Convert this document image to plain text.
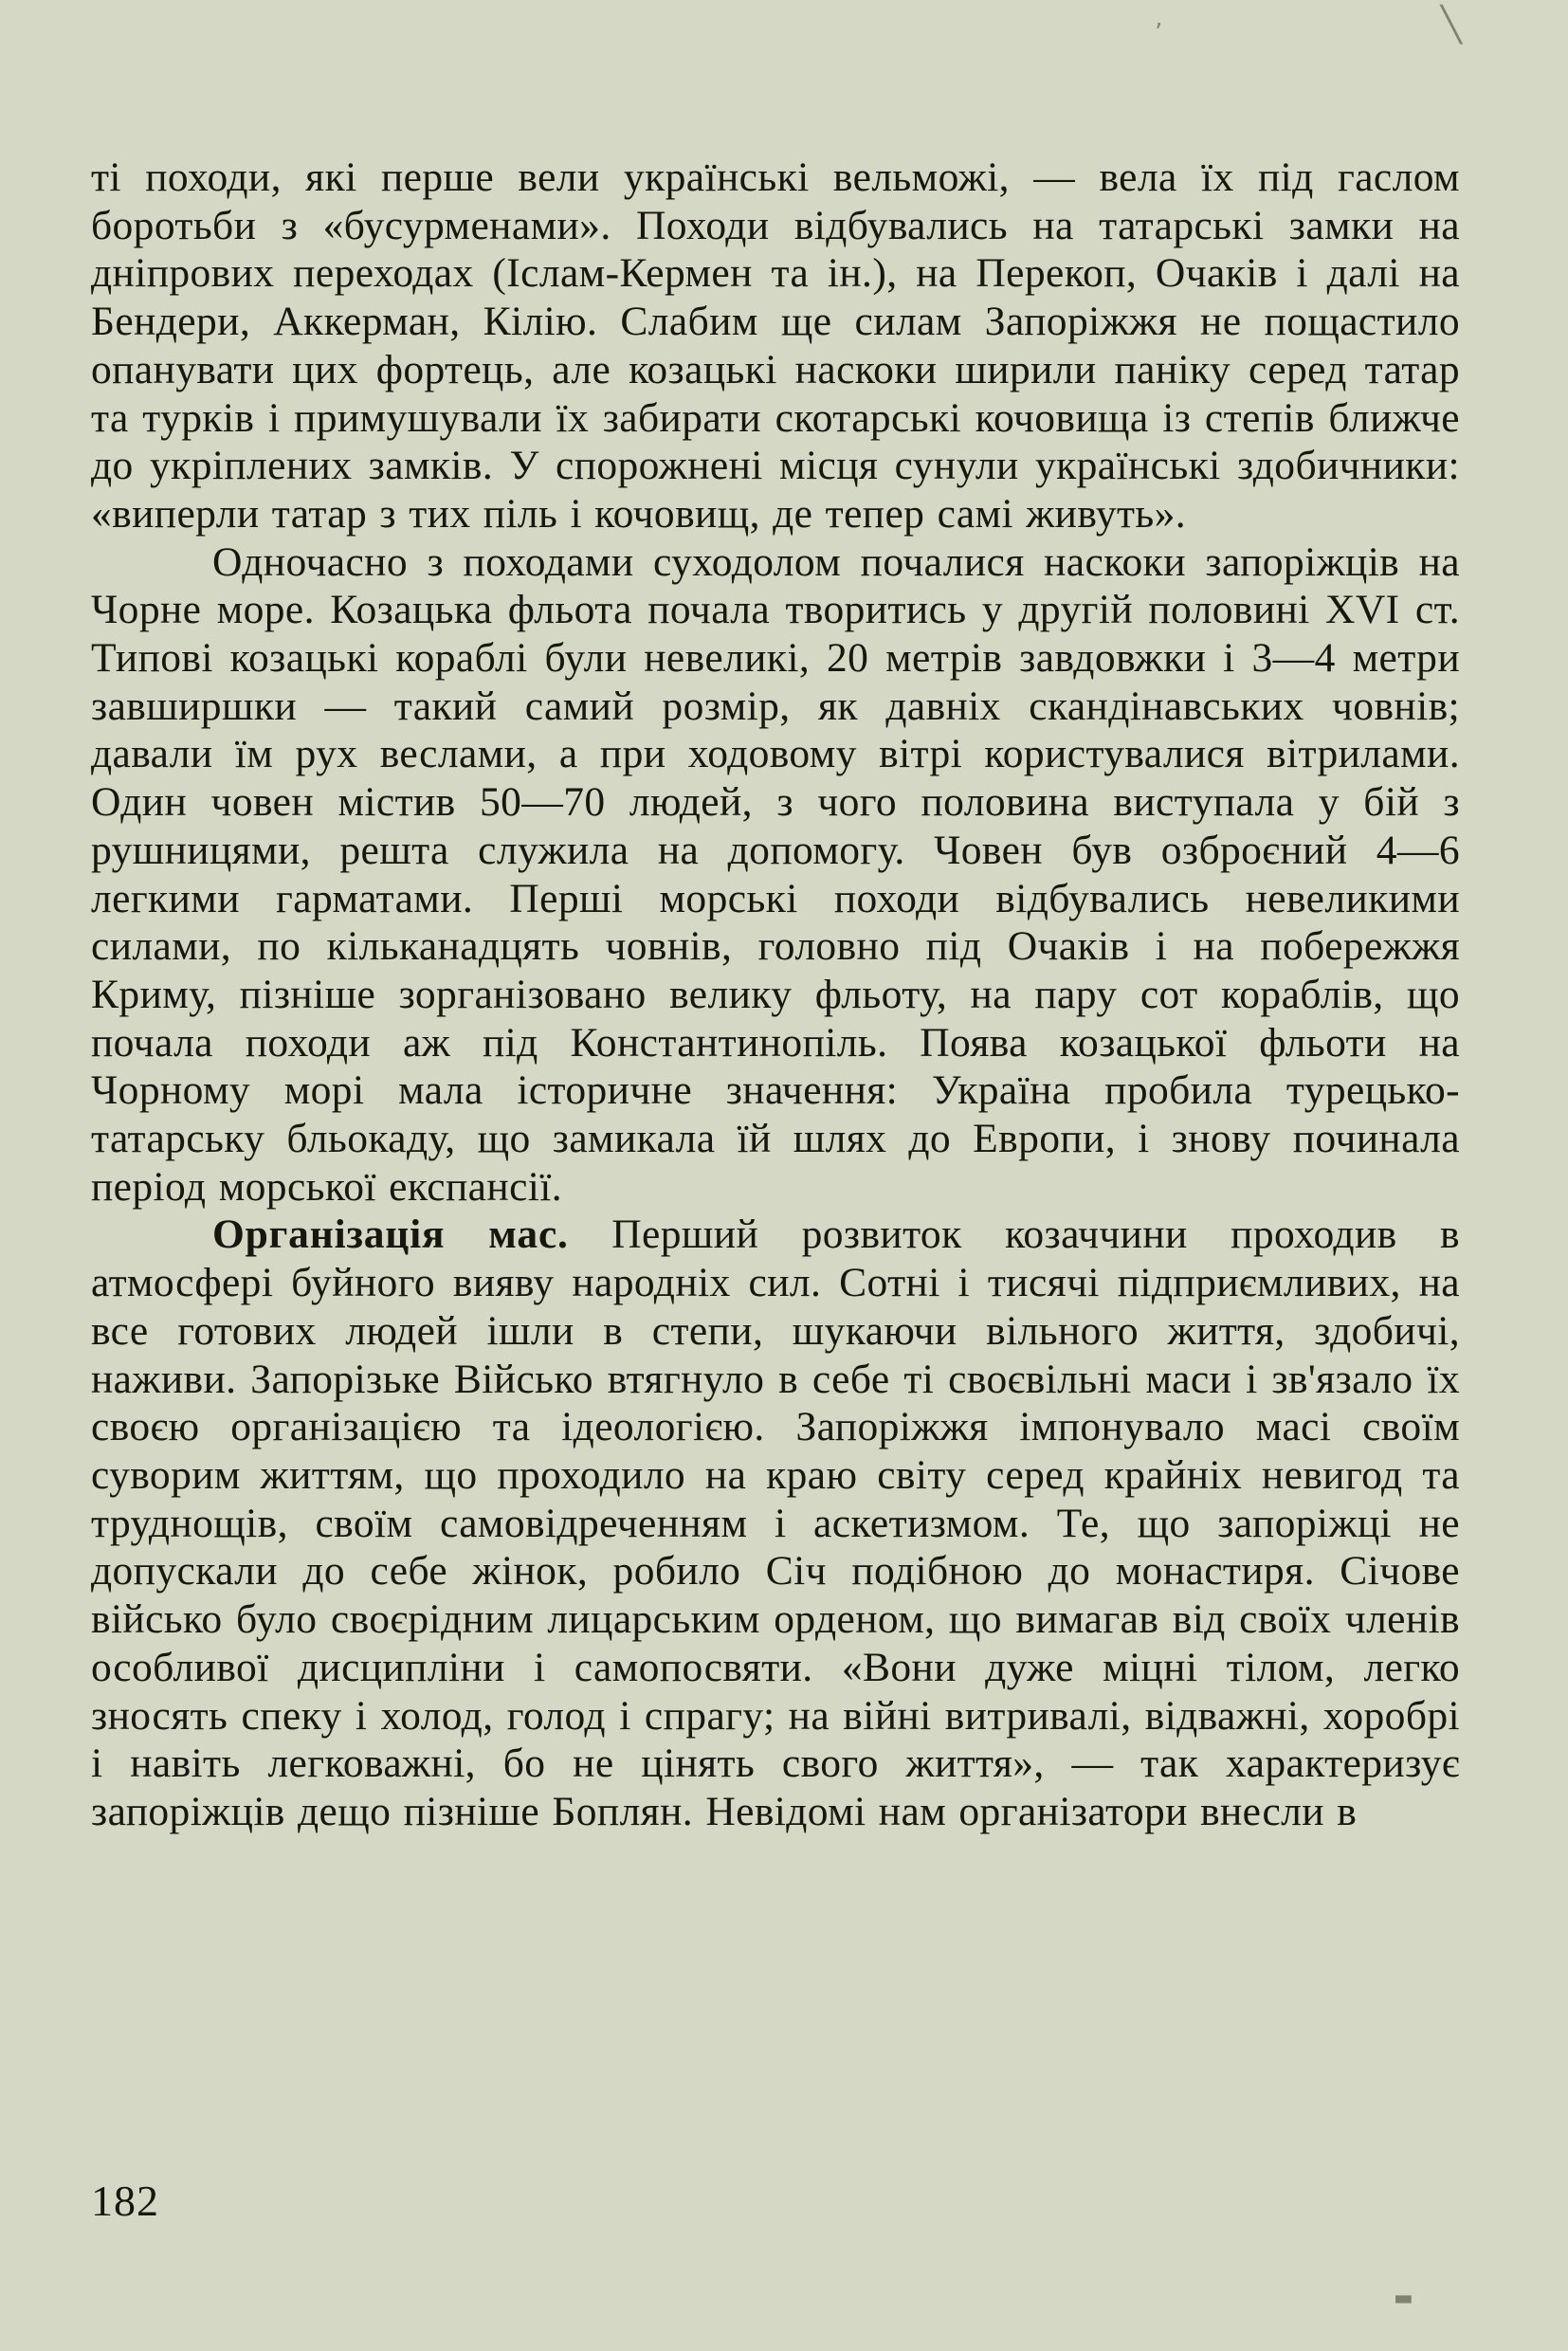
ті походи, які перше вели українські вельможі, — вела їх під гаслом боротьби з «бусурменами». Походи відбувались на татарські замки на дніпрових переходах (Іслам-Кермен та ін.), на Перекоп, Очаків і далі на Бендери, Аккерман, Кілію. Слабим ще силам Запоріжжя не пощастило опанувати цих фортець, але козацькі наскоки ширили паніку серед татар та турків і примушували їх забирати скотарські кочовища із степів ближче до укріплених замків. У спорожнені місця сунули українські здобичники: «виперли татар з тих піль і кочовищ, де тепер самі живуть».

Одночасно з походами суходолом почалися наскоки запоріжців на Чорне море. Козацька фльота почала творитись у другій половині XVI ст. Типові козацькі кораблі були невеликі, 20 метрів завдовжки і 3—4 метри завширшки — такий самий розмір, як давніх скандінавських човнів; давали їм рух веслами, а при ходовому вітрі користувалися вітрилами. Один човен містив 50—70 людей, з чого половина виступала у бій з рушницями, решта служила на допомогу. Човен був озброєний 4—6 легкими гарматами. Перші морські походи відбувались невеликими силами, по кільканадцять човнів, головно під Очаків і на побережжя Криму, пізніше зорганізовано велику фльоту, на пару сот кораблів, що почала походи аж під Константинопіль. Поява козацької фльоти на Чорному морі мала історичне значення: Україна пробила турецько-татарську бльокаду, що замикала їй шлях до Европи, і знову починала період морської експансії.

Організація мас. Перший розвиток козаччини проходив в атмосфері буйного вияву народніх сил. Сотні і тисячі підприємливих, на все готових людей ішли в степи, шукаючи вільного життя, здобичі, наживи. Запорізьке Військо втягнуло в себе ті своєвільні маси і зв'язало їх своєю організацією та ідеологією. Запоріжжя імпонувало масі своїм суворим життям, що проходило на краю світу серед крайніх невигод та труднощів, своїм самовідреченням і аскетизмом. Те, що запоріжці не допускали до себе жінок, робило Січ подібною до монастиря. Січове військо було своєрідним лицарським орденом, що вимагав від своїх членів особливої дисципліни і самопосвяти. «Вони дуже міцні тілом, легко зносять спеку і холод, голод і спрагу; на війні витривалі, відважні, хоробрі і навіть легковажні, бо не цінять свого життя», — так характеризує запоріжців дещо пізніше Боплян. Невідомі нам організатори внесли в

182
╲
ʼ
▬
